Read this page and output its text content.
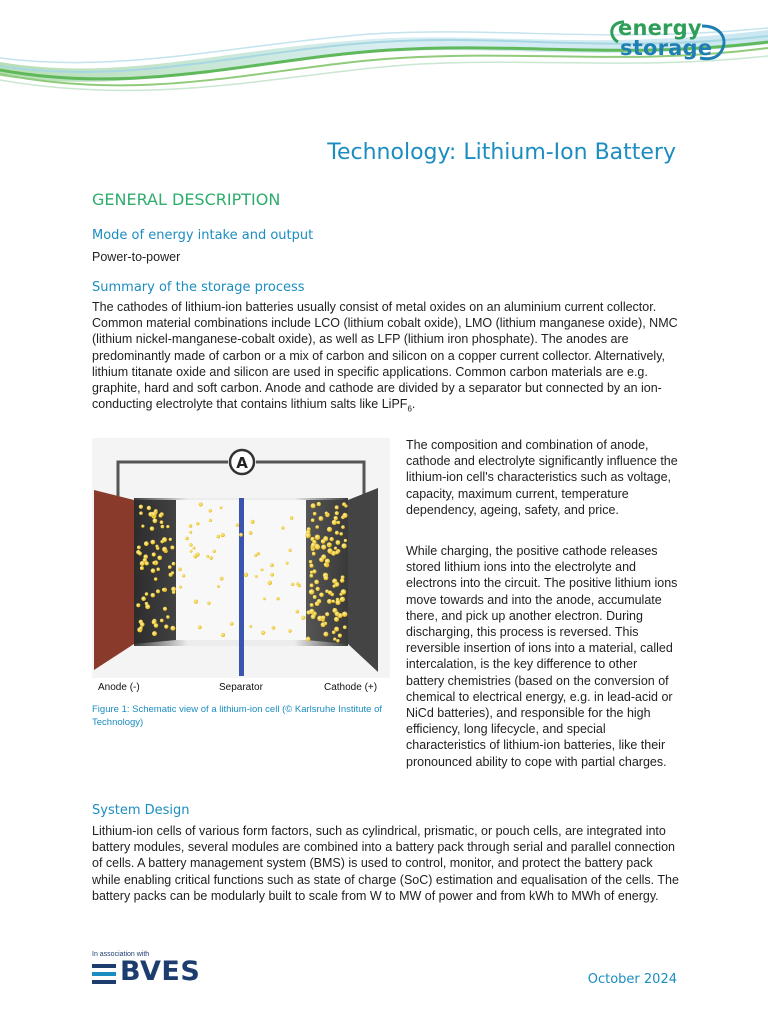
energy
storage
Technology: Lithium-Ion Battery
GENERAL DESCRIPTION
Mode of energy intake and output
Power-to-power
Summary of the storage process
The cathodes of lithium-ion batteries usually consist of metal oxides on an aluminium current collector. Common material combinations include LCO (lithium cobalt oxide), LMO (lithium manganese oxide), NMC (lithium nickel-manganese-cobalt oxide), as well as LFP (lithium iron phosphate). The anodes are predominantly made of carbon or a mix of carbon and silicon on a copper current collector. Alternatively, lithium titanate oxide and silicon are used in specific applications. Common carbon materials are e.g. graphite, hard and soft carbon. Anode and cathode are divided by a separator but connected by an ion-conducting electrolyte that contains lithium salts like LiPF$_6$.
A
Anode (-)	Separator	Cathode (+)
Figure 1: Schematic view of a lithium-ion cell (© Karlsruhe Institute of Technology)
The composition and combination of anode, cathode and electrolyte significantly influence the lithium-ion cell's characteristics such as voltage, capacity, maximum current, temperature dependency, ageing, safety, and price.
While charging, the positive cathode releases stored lithium ions into the electrolyte and electrons into the circuit. The positive lithium ions move towards and into the anode, accumulate there, and pick up another electron. During discharging, this process is reversed. This reversible insertion of ions into a material, called intercalation, is the key difference to other battery chemistries (based on the conversion of chemical to electrical energy, e.g. in lead-acid or NiCd batteries), and responsible for the high efficiency, long lifecycle, and special characteristics of lithium-ion batteries, like their pronounced ability to cope with partial charges.
System Design
Lithium-ion cells of various form factors, such as cylindrical, prismatic, or pouch cells, are integrated into battery modules, several modules are combined into a battery pack through serial and parallel connection of cells. A battery management system (BMS) is used to control, monitor, and protect the battery pack while enabling critical functions such as state of charge (SoC) estimation and equalisation of the cells. The battery packs can be modularly built to scale from W to MW of power and from kWh to MWh of energy.
In association with
BVES	October 2024
